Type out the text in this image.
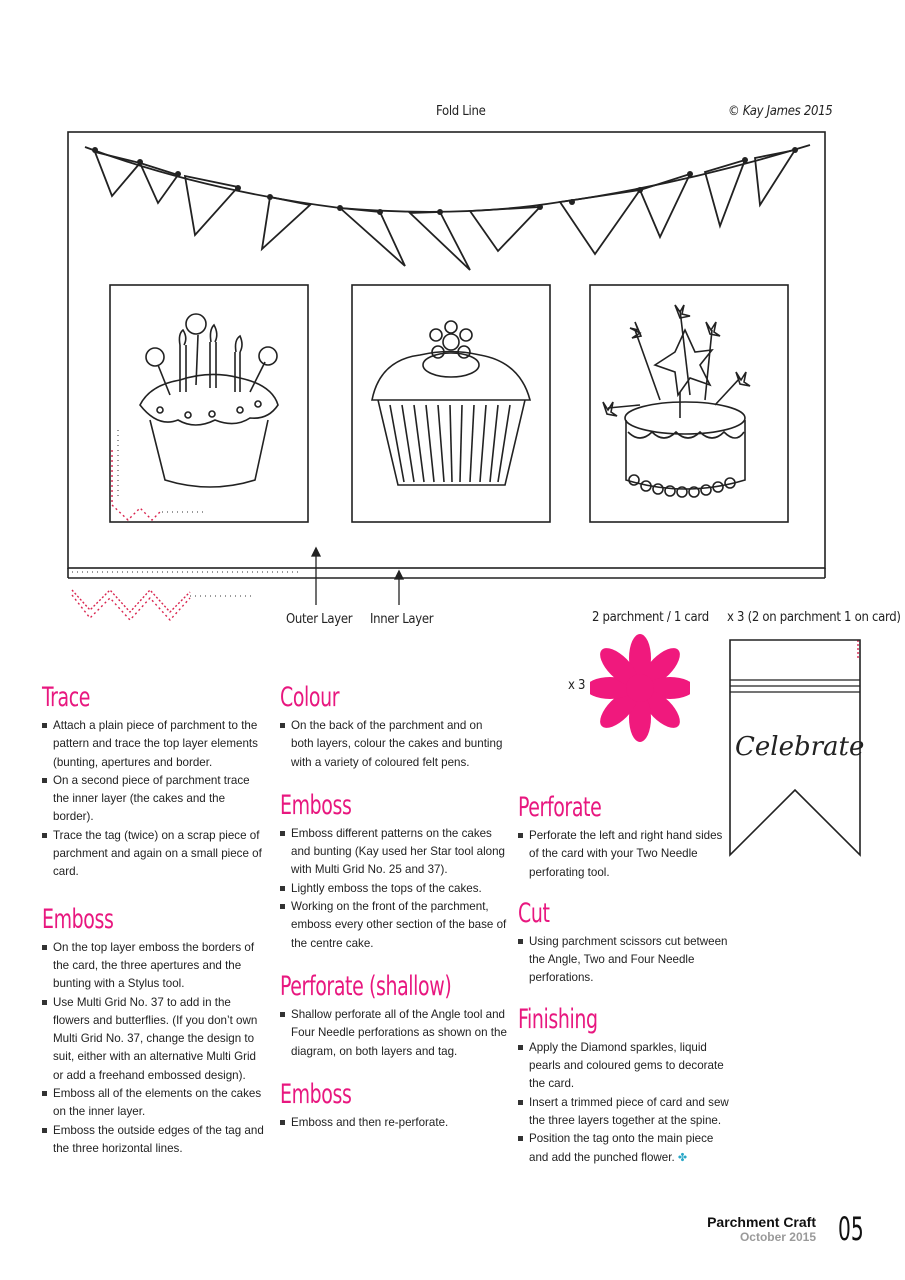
Fold Line	© Kay James 2015
Outer Layer Inner Layer	2 parchment / 1 card x 3 (2 on parchment 1 on card)
x 3
Celebrate
Trace
Attach a plain piece of parchment to the pattern and trace the top layer elements (bunting, apertures and border.
On a second piece of parchment trace the inner layer (the cakes and the border).
Trace the tag (twice) on a scrap piece of parchment and again on a small piece of card.
Emboss
On the top layer emboss the borders of the card, the three apertures and the bunting with a Stylus tool.
Use Multi Grid No. 37 to add in the flowers and butterflies. (If you don’t own Multi Grid No. 37, change the design to suit, either with an alternative Multi Grid or add a freehand embossed design).
Emboss all of the elements on the cakes on the inner layer.
Emboss the outside edges of the tag and the three horizontal lines.
Colour
On the back of the parchment and on both layers, colour the cakes and bunting with a variety of coloured felt pens.
Emboss
Emboss different patterns on the cakes and bunting (Kay used her Star tool along with Multi Grid No. 25 and 37).
Lightly emboss the tops of the cakes.
Working on the front of the parchment, emboss every other section of the base of the centre cake.
Perforate (shallow)
Shallow perforate all of the Angle tool and Four Needle perforations as shown on the diagram, on both layers and tag.
Emboss
Emboss and then re-perforate.
Perforate
Perforate the left and right hand sides of the card with your Two Needle perforating tool.
Cut
Using parchment scissors cut between the Angle, Two and Four Needle perforations.
Finishing
Apply the Diamond sparkles, liquid pearls and coloured gems to decorate the card.
Insert a trimmed piece of card and sew the three layers together at the spine.
Position the tag onto the main piece and add the punched flower. ✤
Parchment Craft
October 2015 05
